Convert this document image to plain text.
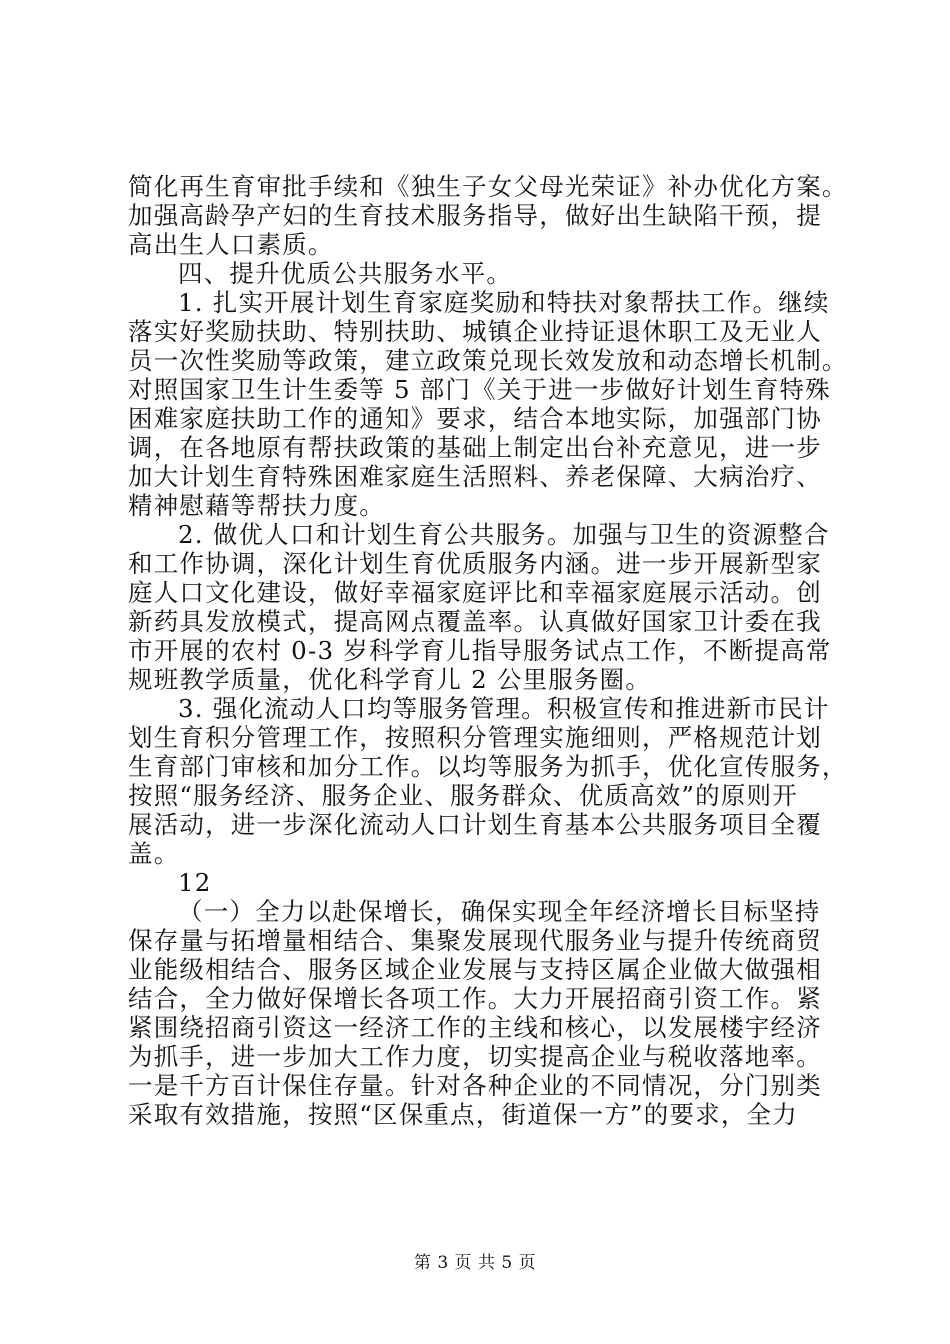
简化再生育审批手续和《独生子女父母光荣证》补办优化方案。
加强高龄孕产妇的生育技术服务指导，做好出生缺陷干预，提
高出生人口素质。
四、提升优质公共服务水平。
1. 扎实开展计划生育家庭奖励和特扶对象帮扶工作。继续
落实好奖励扶助、特别扶助、城镇企业持证退休职工及无业人
员一次性奖励等政策，建立政策兑现长效发放和动态增长机制。
对照国家卫生计生委等 5 部门《关于进一步做好计划生育特殊
困难家庭扶助工作的通知》要求，结合本地实际，加强部门协
调，在各地原有帮扶政策的基础上制定出台补充意见，进一步
加大计划生育特殊困难家庭生活照料、养老保障、大病治疗、
精神慰藉等帮扶力度。
2. 做优人口和计划生育公共服务。加强与卫生的资源整合
和工作协调，深化计划生育优质服务内涵。进一步开展新型家
庭人口文化建设，做好幸福家庭评比和幸福家庭展示活动。创
新药具发放模式，提高网点覆盖率。认真做好国家卫计委在我
市开展的农村 0-3 岁科学育儿指导服务试点工作，不断提高常
规班教学质量，优化科学育儿 2 公里服务圈。
3. 强化流动人口均等服务管理。积极宣传和推进新市民计
划生育积分管理工作，按照积分管理实施细则，严格规范计划
生育部门审核和加分工作。以均等服务为抓手，优化宣传服务，
按照“服务经济、服务企业、服务群众、优质高效”的原则开
展活动，进一步深化流动人口计划生育基本公共服务项目全覆
盖。
12
（一）全力以赴保增长，确保实现全年经济增长目标坚持
保存量与拓增量相结合、集聚发展现代服务业与提升传统商贸
业能级相结合、服务区域企业发展与支持区属企业做大做强相
结合，全力做好保增长各项工作。大力开展招商引资工作。紧
紧围绕招商引资这一经济工作的主线和核心，以发展楼宇经济
为抓手，进一步加大工作力度，切实提高企业与税收落地率。
一是千方百计保住存量。针对各种企业的不同情况，分门别类
采取有效措施，按照“区保重点，街道保一方”的要求，全力
第 3 页 共 5 页
